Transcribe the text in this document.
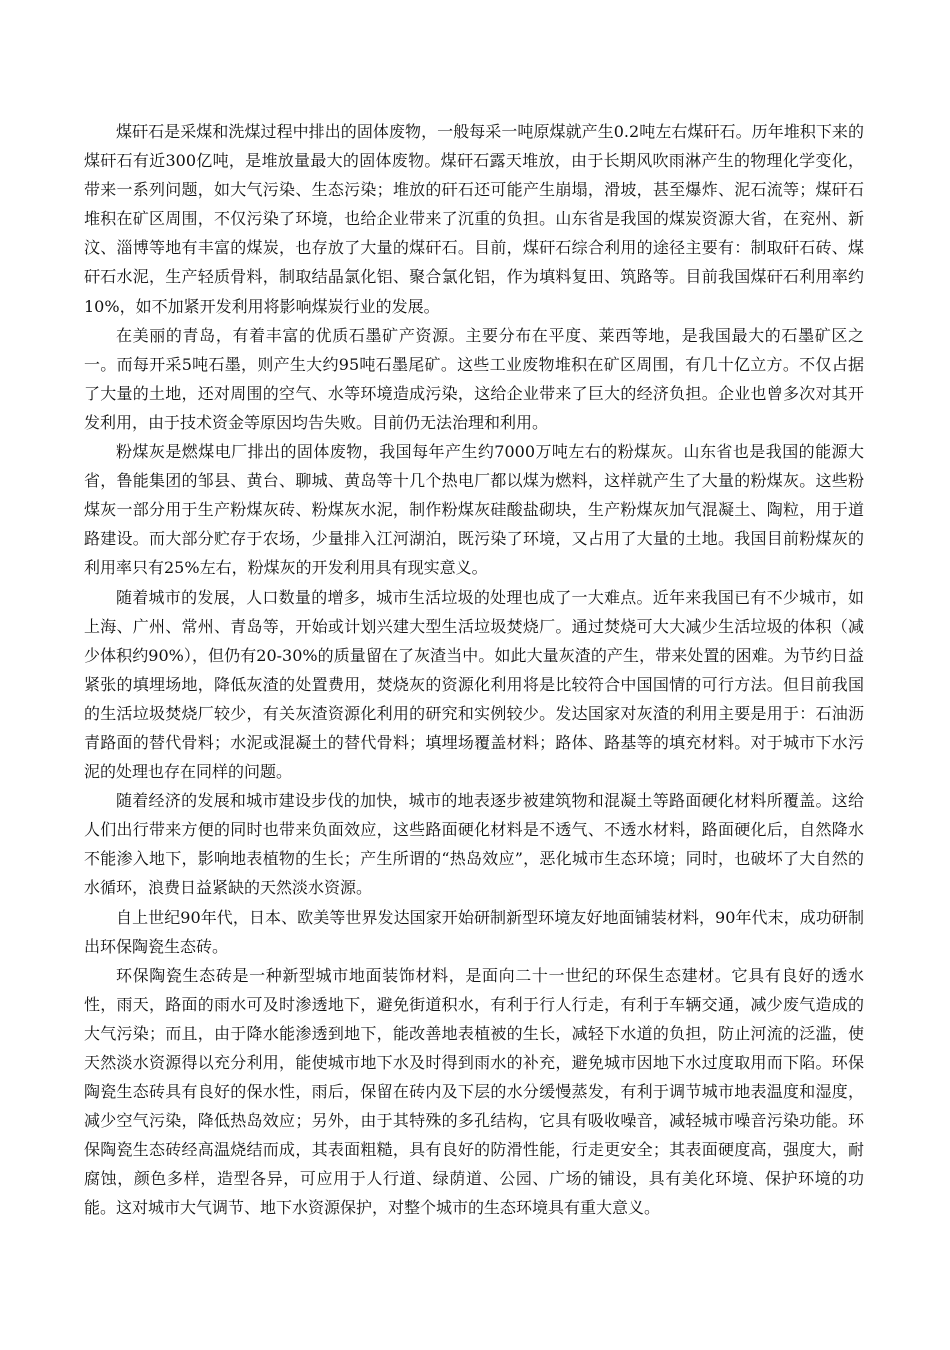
煤矸石是采煤和洗煤过程中排出的固体废物，一般每采一吨原煤就产生0.2吨左右煤矸石。历年堆积下来的煤矸石有近300亿吨，是堆放量最大的固体废物。煤矸石露天堆放，由于长期风吹雨淋产生的物理化学变化，带来一系列问题，如大气污染、生态污染；堆放的矸石还可能产生崩塌，滑坡，甚至爆炸、泥石流等；煤矸石堆积在矿区周围，不仅污染了环境，也给企业带来了沉重的负担。山东省是我国的煤炭资源大省，在兖州、新汶、淄博等地有丰富的煤炭，也存放了大量的煤矸石。目前，煤矸石综合利用的途径主要有：制取矸石砖、煤矸石水泥，生产轻质骨料，制取结晶氯化铝、聚合氯化铝，作为填料复田、筑路等。目前我国煤矸石利用率约10%，如不加紧开发利用将影响煤炭行业的发展。

在美丽的青岛，有着丰富的优质石墨矿产资源。主要分布在平度、莱西等地，是我国最大的石墨矿区之一。而每开采5吨石墨，则产生大约95吨石墨尾矿。这些工业废物堆积在矿区周围，有几十亿立方。不仅占据了大量的土地，还对周围的空气、水等环境造成污染，这给企业带来了巨大的经济负担。企业也曾多次对其开发利用，由于技术资金等原因均告失败。目前仍无法治理和利用。

粉煤灰是燃煤电厂排出的固体废物，我国每年产生约7000万吨左右的粉煤灰。山东省也是我国的能源大省，鲁能集团的邹县、黄台、聊城、黄岛等十几个热电厂都以煤为燃料，这样就产生了大量的粉煤灰。这些粉煤灰一部分用于生产粉煤灰砖、粉煤灰水泥，制作粉煤灰硅酸盐砌块，生产粉煤灰加气混凝土、陶粒，用于道路建设。而大部分贮存于农场，少量排入江河湖泊，既污染了环境，又占用了大量的土地。我国目前粉煤灰的利用率只有25%左右，粉煤灰的开发利用具有现实意义。

随着城市的发展，人口数量的增多，城市生活垃圾的处理也成了一大难点。近年来我国已有不少城市，如上海、广州、常州、青岛等，开始或计划兴建大型生活垃圾焚烧厂。通过焚烧可大大减少生活垃圾的体积（减少体积约90%），但仍有20-30%的质量留在了灰渣当中。如此大量灰渣的产生，带来处置的困难。为节约日益紧张的填埋场地，降低灰渣的处置费用，焚烧灰的资源化利用将是比较符合中国国情的可行方法。但目前我国的生活垃圾焚烧厂较少，有关灰渣资源化利用的研究和实例较少。发达国家对灰渣的利用主要是用于：石油沥青路面的替代骨料；水泥或混凝土的替代骨料；填埋场覆盖材料；路体、路基等的填充材料。对于城市下水污泥的处理也存在同样的问题。

随着经济的发展和城市建设步伐的加快，城市的地表逐步被建筑物和混凝土等路面硬化材料所覆盖。这给人们出行带来方便的同时也带来负面效应，这些路面硬化材料是不透气、不透水材料，路面硬化后，自然降水不能渗入地下，影响地表植物的生长；产生所谓的“热岛效应”，恶化城市生态环境；同时，也破坏了大自然的水循环，浪费日益紧缺的天然淡水资源。

自上世纪90年代，日本、欧美等世界发达国家开始研制新型环境友好地面铺装材料，90年代末，成功研制出环保陶瓷生态砖。

环保陶瓷生态砖是一种新型城市地面装饰材料，是面向二十一世纪的环保生态建材。它具有良好的透水性，雨天，路面的雨水可及时渗透地下，避免街道积水，有利于行人行走，有利于车辆交通，减少废气造成的大气污染；而且，由于降水能渗透到地下，能改善地表植被的生长，减轻下水道的负担，防止河流的泛滥，使天然淡水资源得以充分利用，能使城市地下水及时得到雨水的补充，避免城市因地下水过度取用而下陷。环保陶瓷生态砖具有良好的保水性，雨后，保留在砖内及下层的水分缓慢蒸发，有利于调节城市地表温度和湿度，减少空气污染，降低热岛效应；另外，由于其特殊的多孔结构，它具有吸收噪音，减轻城市噪音污染功能。环保陶瓷生态砖经高温烧结而成，其表面粗糙，具有良好的防滑性能，行走更安全；其表面硬度高，强度大，耐腐蚀，颜色多样，造型各异，可应用于人行道、绿荫道、公园、广场的铺设，具有美化环境、保护环境的功能。这对城市大气调节、地下水资源保护，对整个城市的生态环境具有重大意义。
